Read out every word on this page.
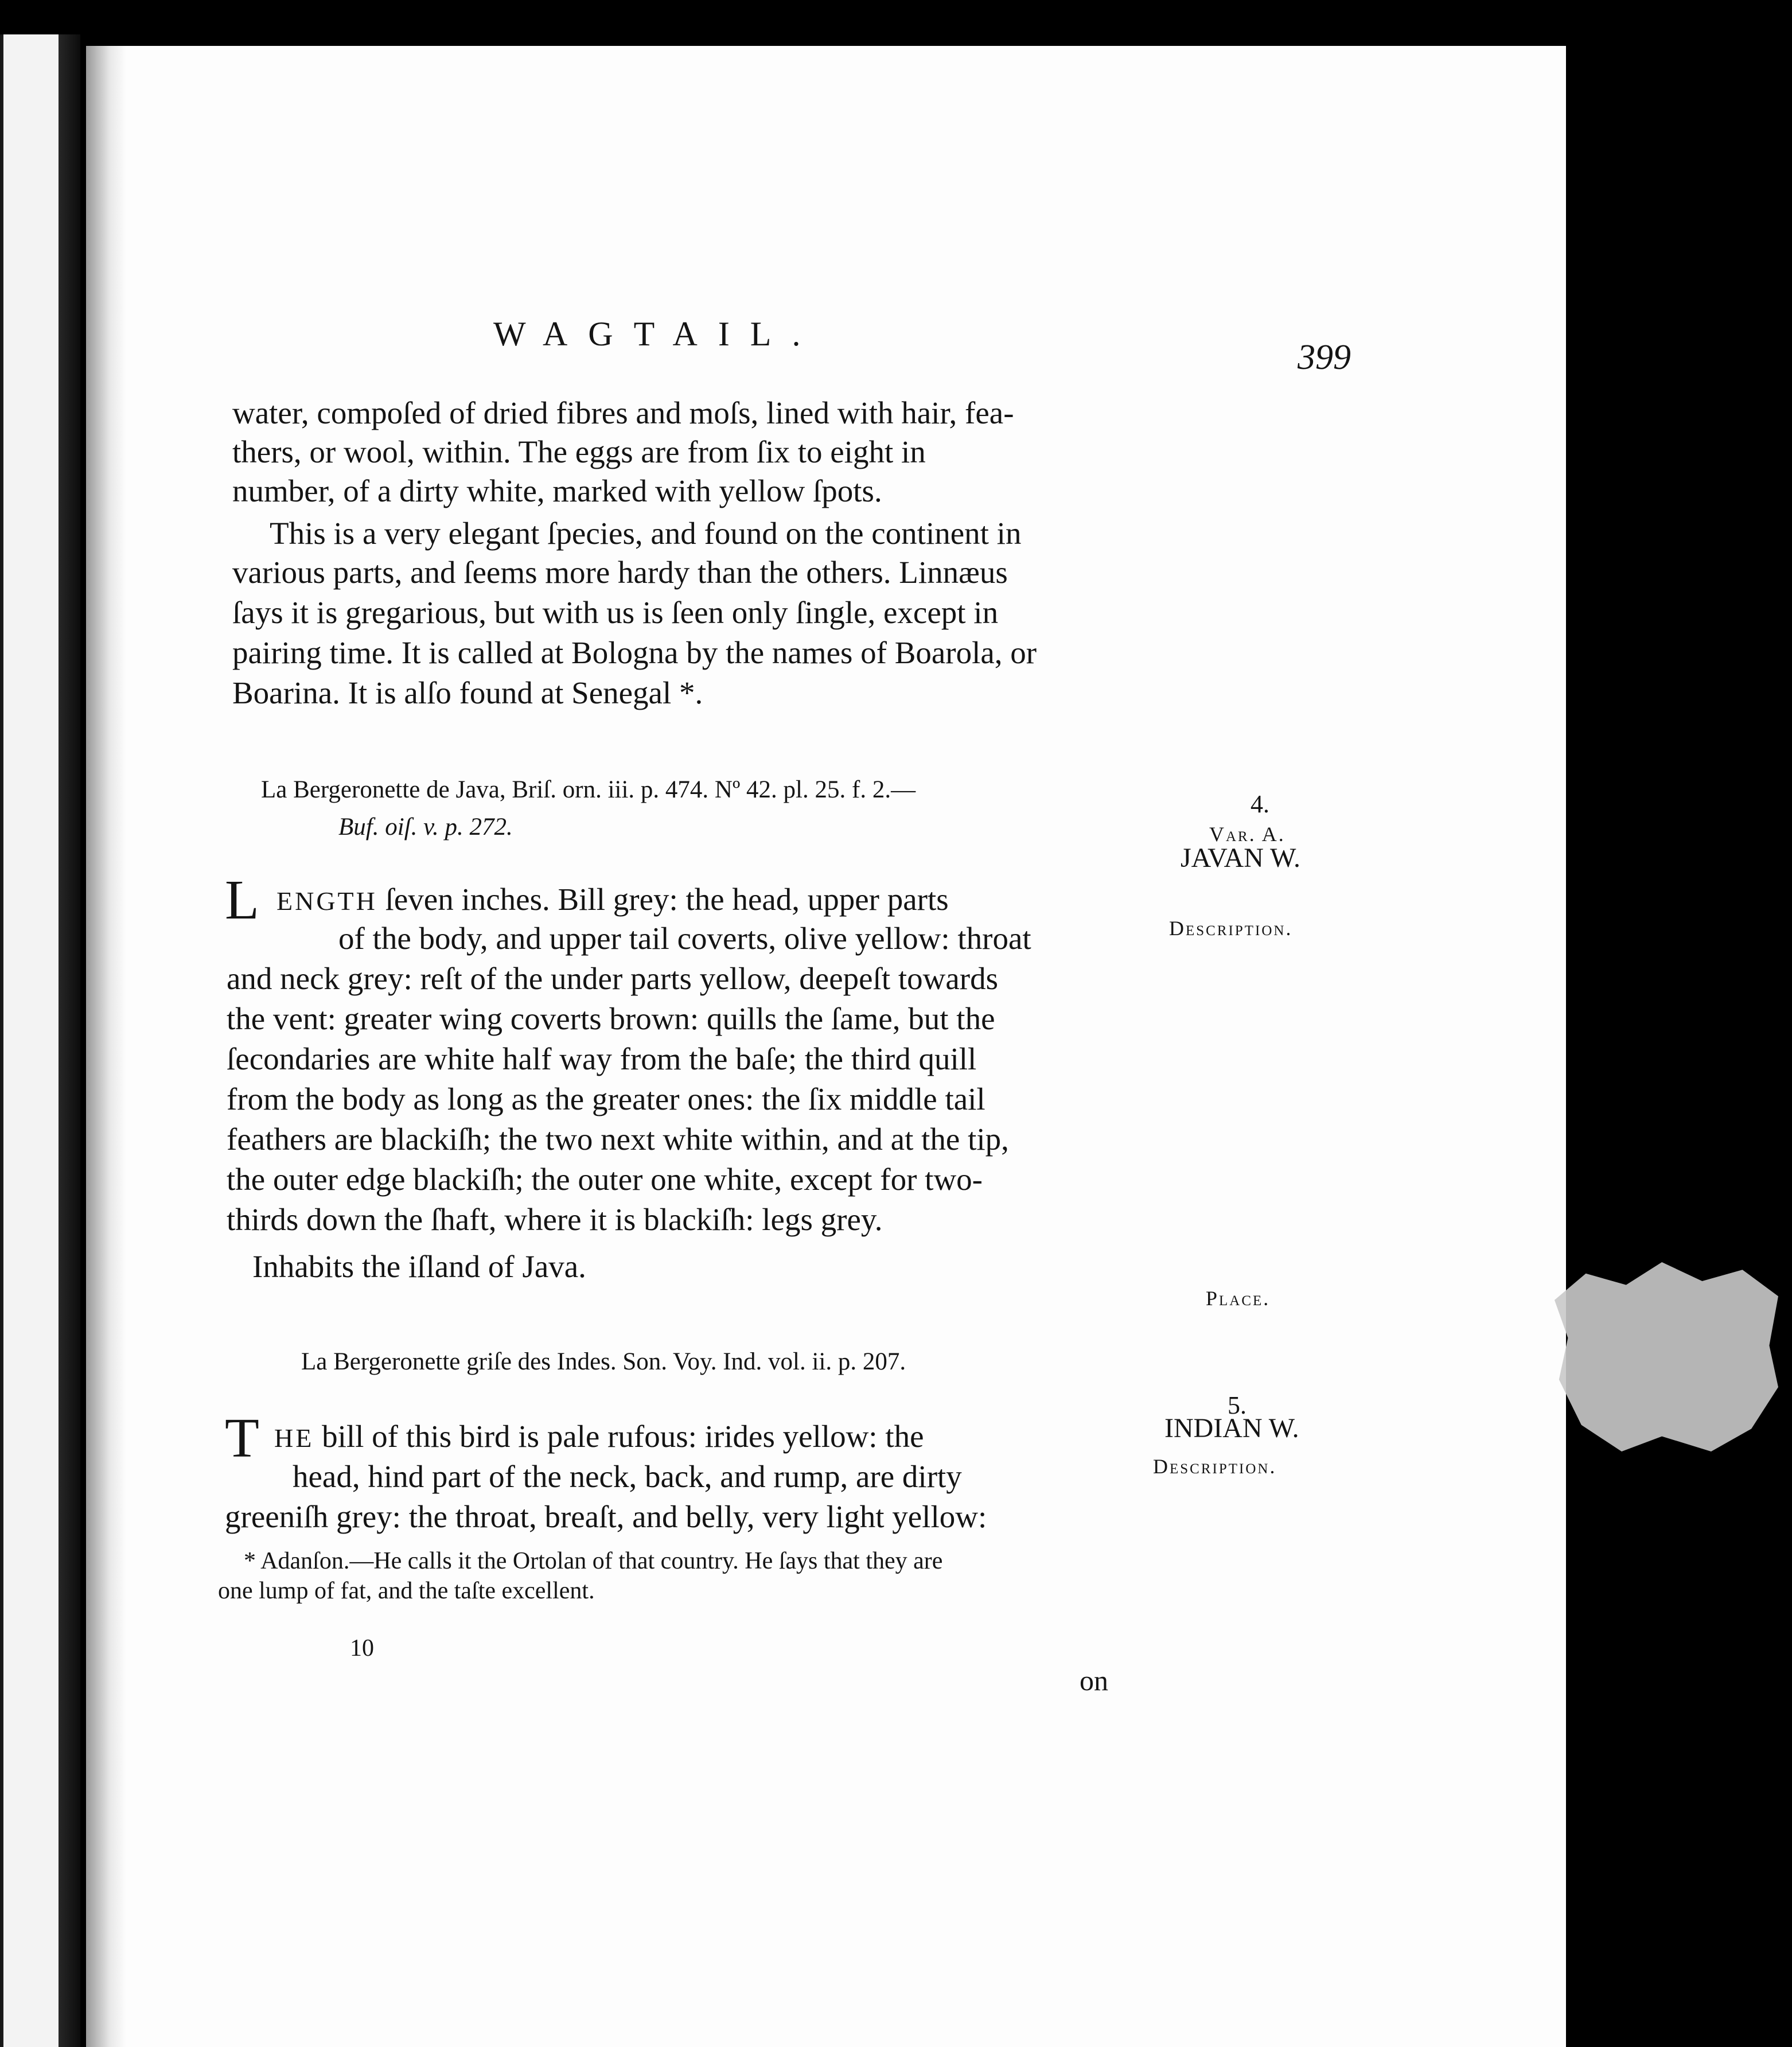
WAGTAIL.
399
water, compoſed of dried fibres and moſs, lined with hair, fea-
thers, or wool, within. The eggs are from ſix to eight in
number, of a dirty white, marked with yellow ſpots.
This is a very elegant ſpecies, and found on the continent in
various parts, and ſeems more hardy than the others. Linnæus
ſays it is gregarious, but with us is ſeen only ſingle, except in
pairing time. It is called at Bologna by the names of Boarola, or
Boarina. It is alſo found at Senegal *.
La Bergeronette de Java, Briſ. orn. iii. p. 474. Nº 42. pl. 25. f. 2.—
Buf. oiſ. v. p. 272.
4.
Var. A.
JAVAN W.
Description.
L ENGTH ſeven inches. Bill grey: the head, upper parts
of the body, and upper tail coverts, olive yellow: throat
and neck grey: reſt of the under parts yellow, deepeſt towards
the vent: greater wing coverts brown: quills the ſame, but the
ſecondaries are white half way from the baſe; the third quill
from the body as long as the greater ones: the ſix middle tail
feathers are blackiſh; the two next white within, and at the tip,
the outer edge blackiſh; the outer one white, except for two-
thirds down the ſhaft, where it is blackiſh: legs grey.
Inhabits the iſland of Java.
Place.
La Bergeronette griſe des Indes. Son. Voy. Ind. vol. ii. p. 207.
5.
INDIAN W.
Description.
T HE bill of this bird is pale rufous: irides yellow: the
head, hind part of the neck, back, and rump, are dirty
greeniſh grey: the throat, breaſt, and belly, very light yellow:
* Adanſon.—He calls it the Ortolan of that country. He ſays that they are
one lump of fat, and the taſte excellent.
10
on
